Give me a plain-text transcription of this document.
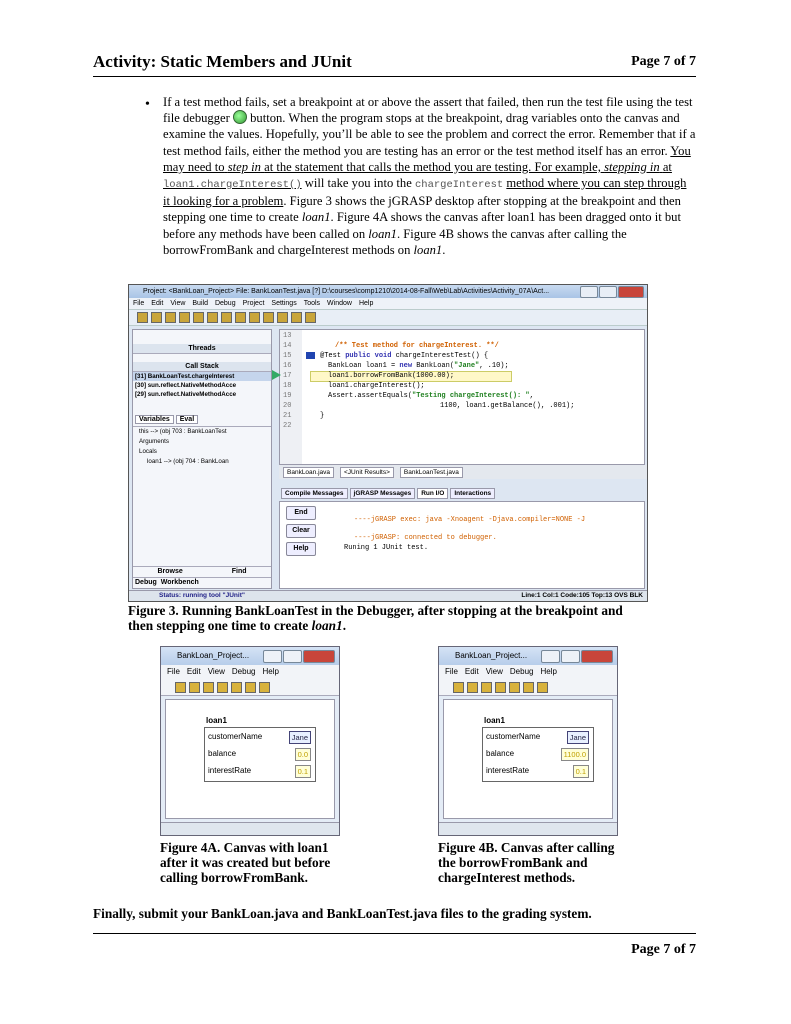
Activity: Static Members and JUnit	Page 7 of 7
• If a test method fails, set a breakpoint at or above the assert that failed, then run the test file using the test file debugger button. When the program stops at the breakpoint, drag variables onto the canvas and examine the values. Hopefully, you’ll be able to see the problem and correct the error. Remember that if a test method fails, either the method you are testing has an error or the test method itself has an error. You may need to step in at the statement that calls the method you are testing. For example, stepping in at loan1.chargeInterest() will take you into the chargeInterest method where you can step through it looking for a problem. Figure 3 shows the jGRASP desktop after stopping at the breakpoint and then stepping one time to create loan1. Figure 4A shows the canvas after loan1 has been dragged onto it but before any methods have been called on loan1. Figure 4B shows the canvas after calling the borrowFromBank and chargeInterest methods on loan1.
Project: <BankLoan_Project> File: BankLoanTest.java [?] D:\courses\comp1210\2014-08-Fall\Web\Lab\Activities\Activity_07A\Act...
File Edit View Build Debug Project Settings Tools Window Help
Threads
Call Stack
[31] BankLoanTest.chargeInterest
[30] sun.reflect.NativeMethodAcce
[29] sun.reflect.NativeMethodAcce
Variables	Eval
this --> (obj 703 : BankLoanTest
Arguments
Locals
loan1 --> (obj 704 : BankLoan
Browse	Find
Debug Workbench
13
14
15
16
17
18
19
20
21
22
/** Test method for chargeInterest. **/
@Test public void chargeInterestTest() {
BankLoan loan1 = new BankLoan("Jane", .10);
loan1.borrowFromBank(1000.00);
loan1.chargeInterest();
Assert.assertEquals("Testing chargeInterest(): ",
1100, loan1.getBalance(), .001);
}
BankLoan.java	<JUnit Results>	BankLoanTest.java
Compile Messages	jGRASP Messages	Run I/O	Interactions
End
Clear
Help
----jGRASP exec: java -Xnoagent -Djava.compiler=NONE -J
----jGRASP: connected to debugger.
Runing 1 JUnit test.
Status: running tool "JUnit"	Line:1 Col:1 Code:105 Top:13 OVS BLK
Figure 3. Running BankLoanTest in the Debugger, after stopping at the breakpoint and then stepping one time to create loan1.
BankLoan_Project...
File Edit View Debug Help
loan1
customerName	Jane
balance	0.0
interestRate	0.1
BankLoan_Project...
File Edit View Debug Help
loan1
customerName	Jane
balance	1100.0
interestRate	0.1
Figure 4A. Canvas with loan1 after it was created but before calling borrowFromBank.
Figure 4B. Canvas after calling the borrowFromBank and chargeInterest methods.
Finally, submit your BankLoan.java and BankLoanTest.java files to the grading system.
Page 7 of 7
